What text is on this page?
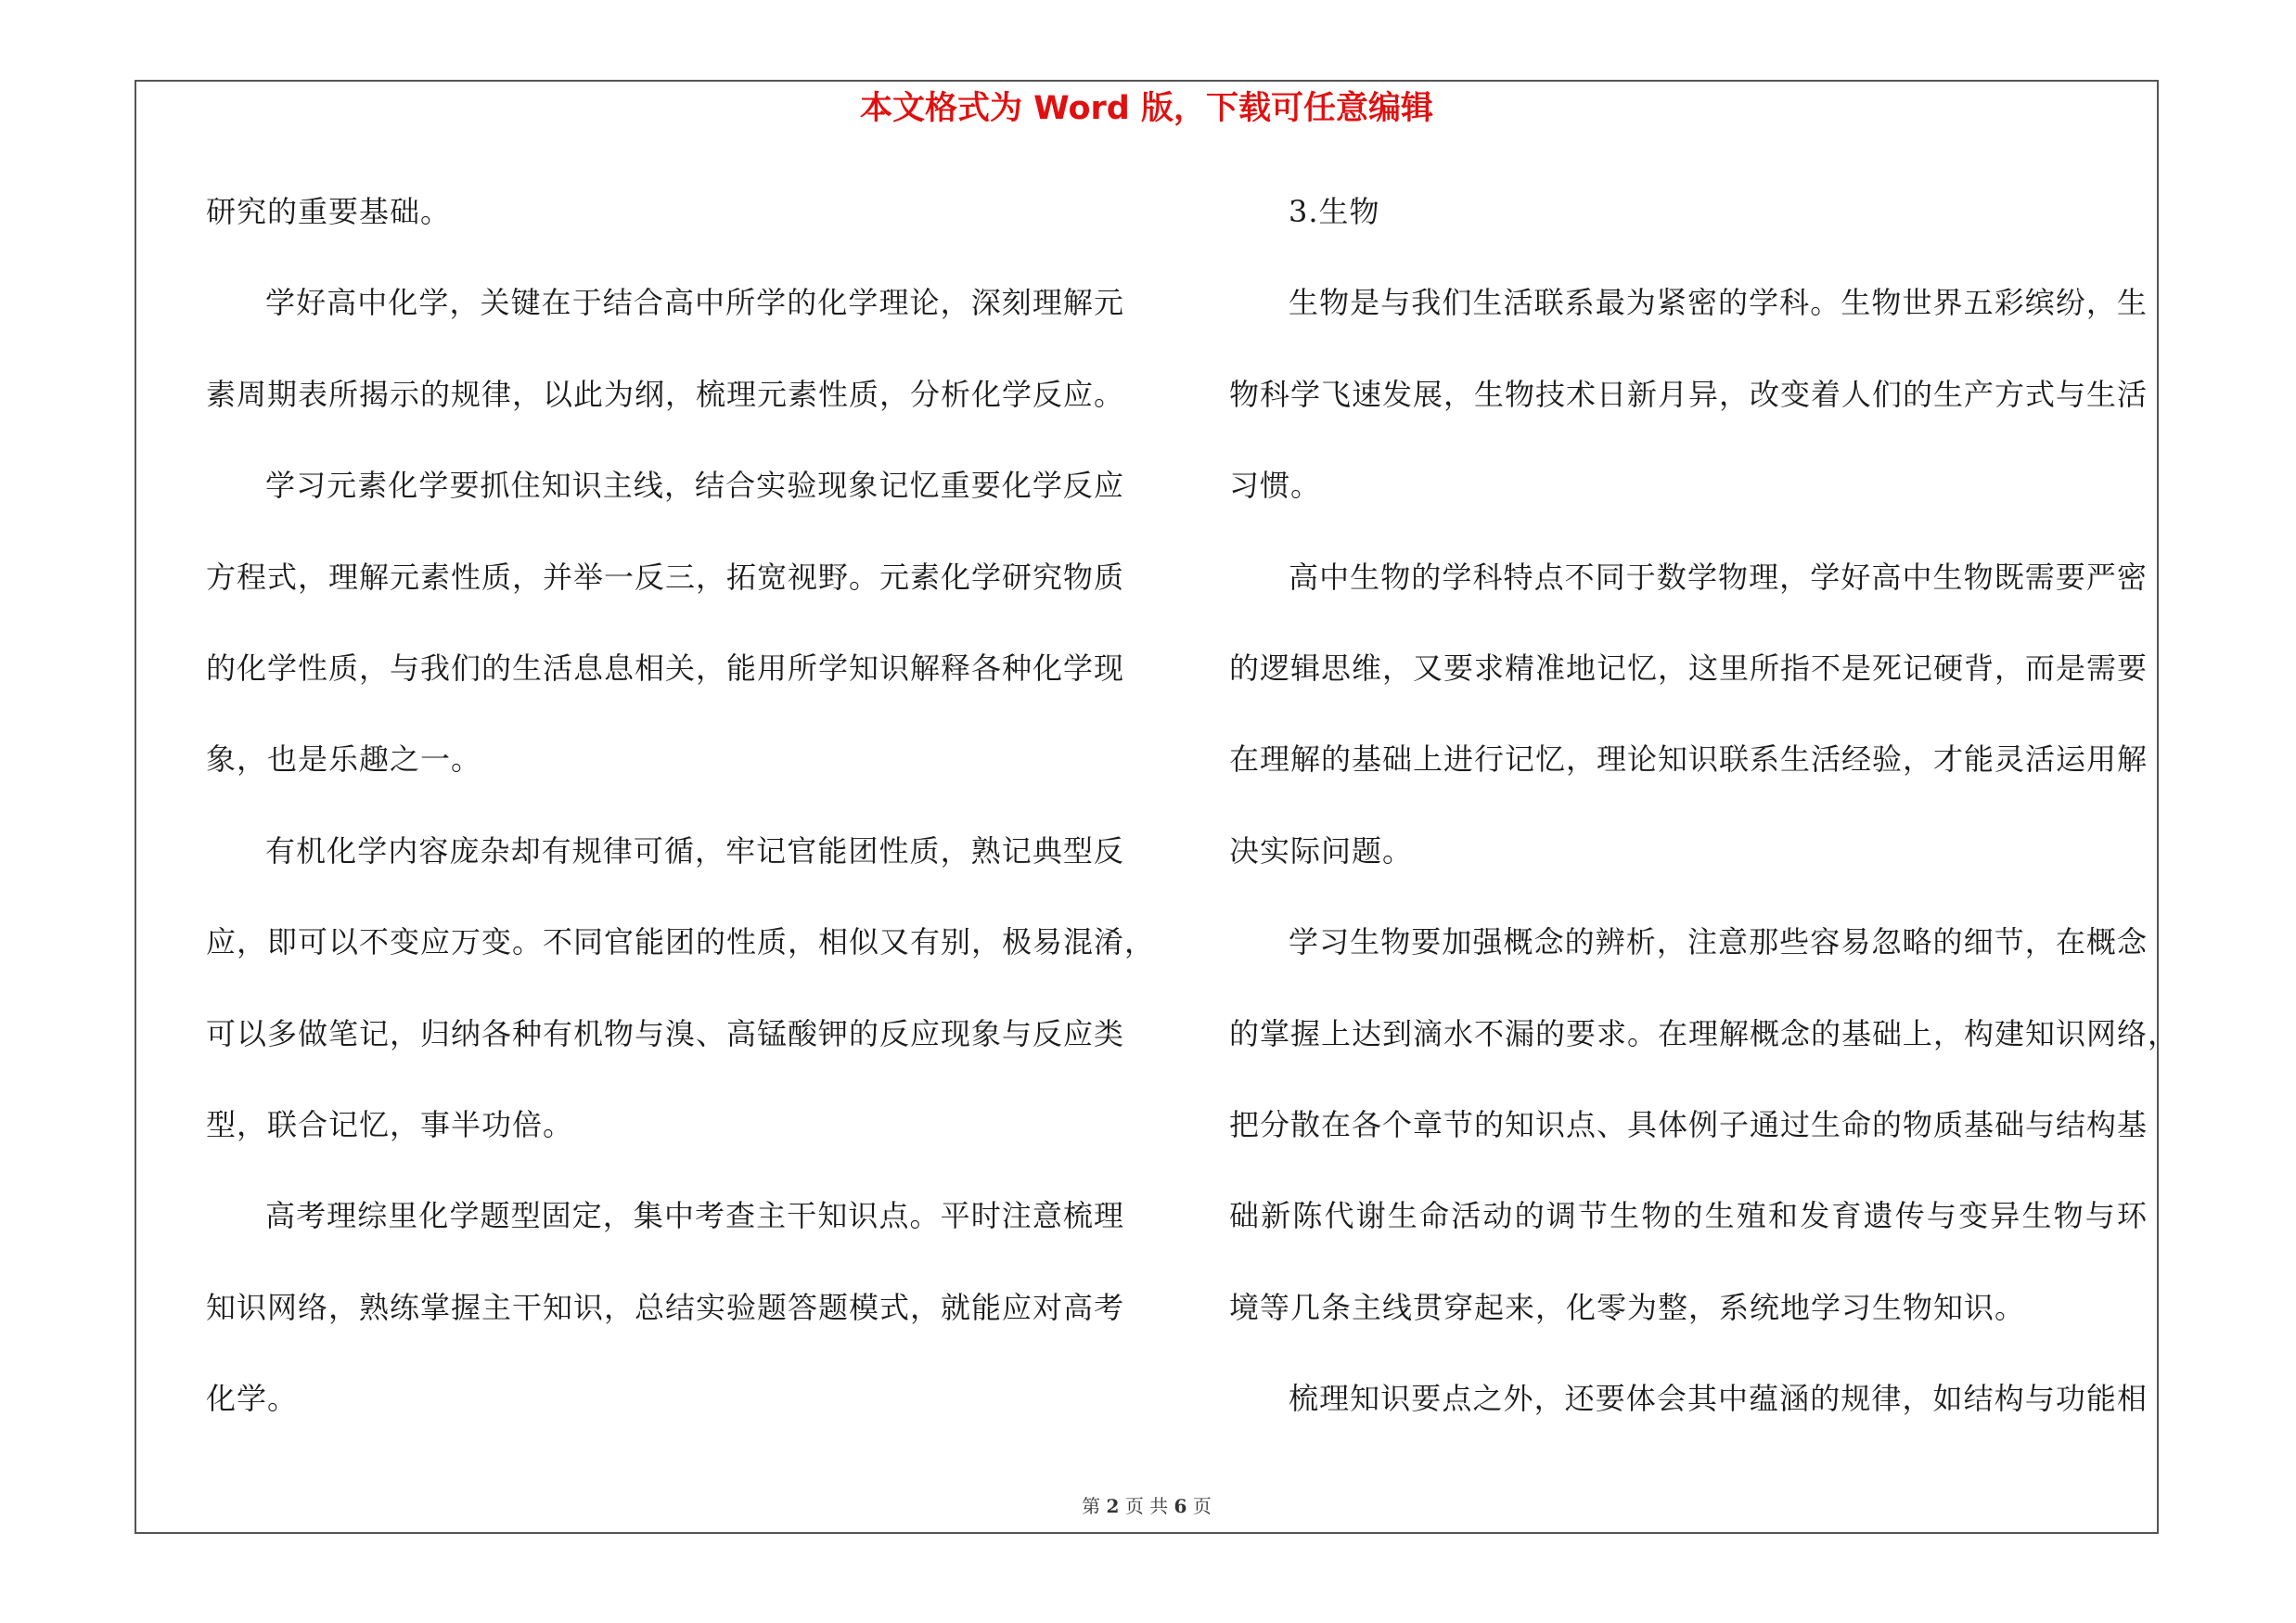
本文格式为 Word 版，下载可任意编辑
研究的重要基础。
学好高中化学，关键在于结合高中所学的化学理论，深刻理解元
素周期表所揭示的规律，以此为纲，梳理元素性质，分析化学反应。
学习元素化学要抓住知识主线，结合实验现象记忆重要化学反应
方程式，理解元素性质，并举一反三，拓宽视野。元素化学研究物质
的化学性质，与我们的生活息息相关，能用所学知识解释各种化学现
象，也是乐趣之一。
有机化学内容庞杂却有规律可循，牢记官能团性质，熟记典型反
应，即可以不变应万变。不同官能团的性质，相似又有别，极易混淆，
可以多做笔记，归纳各种有机物与溴、高锰酸钾的反应现象与反应类
型，联合记忆，事半功倍。
高考理综里化学题型固定，集中考查主干知识点。平时注意梳理
知识网络，熟练掌握主干知识，总结实验题答题模式，就能应对高考
化学。
3.生物
生物是与我们生活联系最为紧密的学科。生物世界五彩缤纷，生
物科学飞速发展，生物技术日新月异，改变着人们的生产方式与生活
习惯。
高中生物的学科特点不同于数学物理，学好高中生物既需要严密
的逻辑思维，又要求精准地记忆，这里所指不是死记硬背，而是需要
在理解的基础上进行记忆，理论知识联系生活经验，才能灵活运用解
决实际问题。
学习生物要加强概念的辨析，注意那些容易忽略的细节，在概念
的掌握上达到滴水不漏的要求。在理解概念的基础上，构建知识网络，
把分散在各个章节的知识点、具体例子通过生命的物质基础与结构基
础新陈代谢生命活动的调节生物的生殖和发育遗传与变异生物与环
境等几条主线贯穿起来，化零为整，系统地学习生物知识。
梳理知识要点之外，还要体会其中蕴涵的规律，如结构与功能相
第 2 页 共 6 页
